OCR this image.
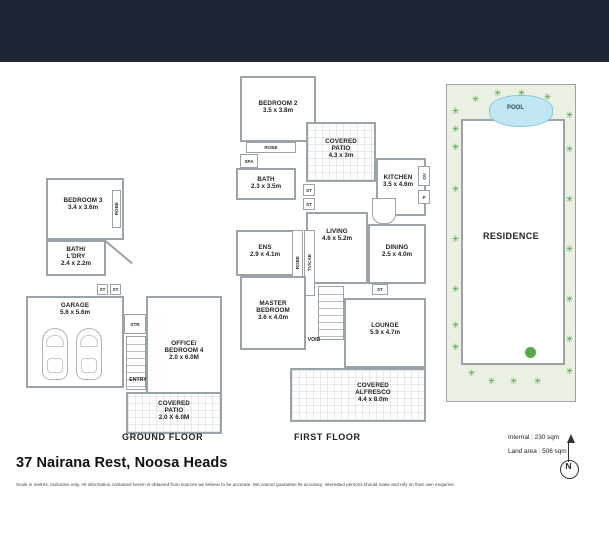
BEDROOM 3
3.4 x 3.6m	ROBE
BATH/
L'DRY
2.4 x 2.2m
GARAGE
5.6 x 5.6m
ST ST
STR
OFFICE/
BEDROOM 4
2.0 x 6.0M
ENTRY
COVERED
PATIO
2.0 X 6.0M
GROUND FLOOR
BEDROOM 2
3.5 x 3.8m
ROBE
SPA
BATH
2.3 x 3.5m
COVERED
PATIO
4.3 x 3m
KITCHEN
3.5 x 4.6m
OV
P
ST
ST
LIVING
4.6 x 5.2m
DINING
2.5 x 4.0m
ENS
2.9 x 4.1m
ROBE TV/CAB
MASTER
BEDROOM
3.6 x 4.0m
VOID
ST
LOUNGE
5.9 x 4.7m
COVERED
ALFRESCO
4.4 x 8.0m
FIRST FLOOR
RESIDENCE
POOL
✳
✳
✳
✳
✳
✳
✳
✳
✳
✳ ✳ ✳
✳
✳
✳
✳
✳
✳
✳
✳
✳ ✳ ✳
N
Internal : 230 sqm
Land area : 506 sqm
37 Nairana Rest, Noosa Heads
Scale in metres. Indicative only. All information contained herein is obtained from sources we believe to be accurate. We cannot guarantee its accuracy. Interested persons should make and rely on their own enquiries.
